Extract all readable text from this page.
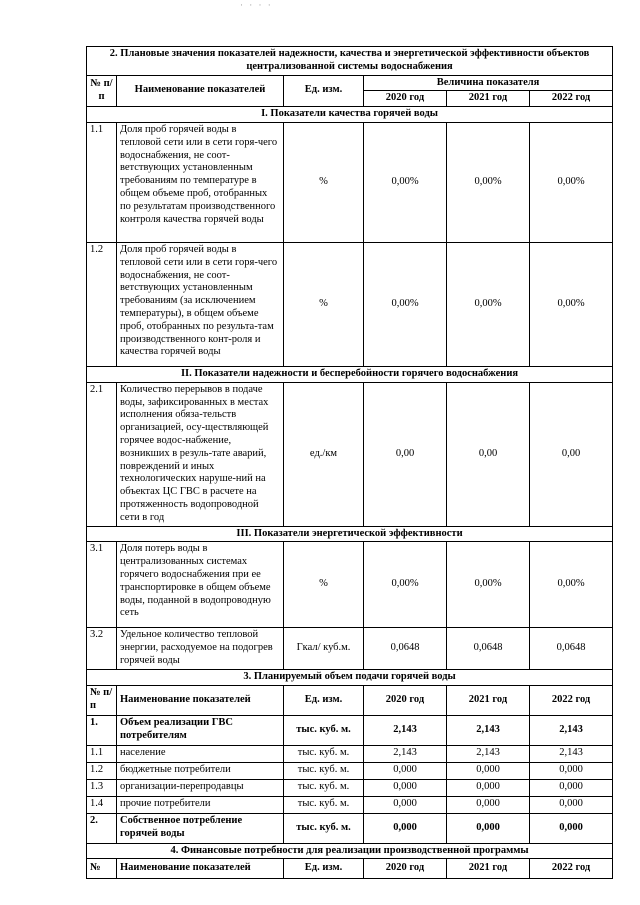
· · · ·
2. Плановые значения показателей надежности, качества и энергетической эффективности объектов централизованной системы водоснабжения					
№ п/п	Наименование показателей	Ед. изм.	Величина показателя		
			2020 год	2021 год	2022 год
I. Показатели качества горячей воды					
1.1	Доля проб горячей воды в тепловой сети или в сети горя-чего водоснабжения, не соот-ветствующих установленным требованиям по температуре в общем объеме проб, отобранных по результатам производственного контроля качества горячей воды	%	0,00%	0,00%	0,00%
1.2	Доля проб горячей воды в тепловой сети или в сети горя-чего водоснабжения, не соот-ветствующих установленным требованиям (за исключением температуры), в общем объеме проб, отобранных по результа-там производственного конт-роля и качества горячей воды	%	0,00%	0,00%	0,00%
II. Показатели надежности и бесперебойности горячего водоснабжения					
2.1	Количество перерывов в подаче воды, зафиксированных в местах исполнения обяза-тельств организацией, осу-ществляющей горячее водос-набжение, возникших в резуль-тате аварий, повреждений и иных технологических наруше-ний на объектах ЦС ГВС в расчете на протяженность водопроводной сети в год	ед./км	0,00	0,00	0,00
III. Показатели энергетической эффективности					
3.1	Доля потерь воды в централизованных системах горячего водоснабжения при ее транспортировке в общем объеме воды, поданной в водопроводную сеть	%	0,00%	0,00%	0,00%
3.2	Удельное количество тепловой энергии, расходуемое на подогрев горячей воды	Гкал/ куб.м.	0,0648	0,0648	0,0648
3. Планируемый объем подачи горячей воды					
№ п/п	Наименование показателей	Ед. изм.	2020 год	2021 год	2022 год
1.	Объем реализации ГВС потребителям	тыс. куб. м.	2,143	2,143	2,143
1.1	население	тыс. куб. м.	2,143	2,143	2,143
1.2	бюджетные потребители	тыс. куб. м.	0,000	0,000	0,000
1.3	организации-перепродавцы	тыс. куб. м.	0,000	0,000	0,000
1.4	прочие потребители	тыс. куб. м.	0,000	0,000	0,000
2.	Собственное потребление горячей воды	тыс. куб. м.	0,000	0,000	0,000
4. Финансовые потребности для реализации производственной программы					
№	Наименование показателей	Ед. изм.	2020 год	2021 год	2022 год
